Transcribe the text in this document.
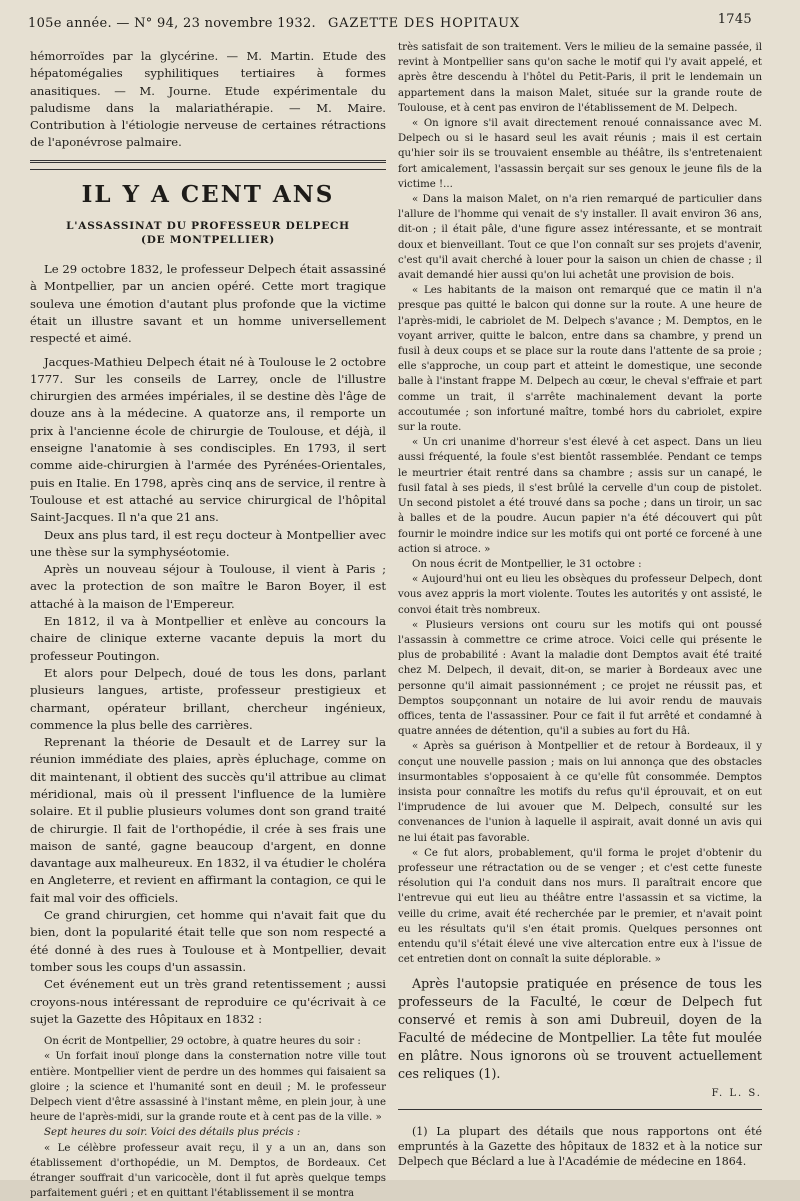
105e année. — N° 94, 23 novembre 1932. GAZETTE DES HOPITAUX	1745

hémorroïdes par la glycérine. — M. Martin. Etude des hépatomégalies syphilitiques tertiaires à formes anasitiques. — M. Journe. Etude expérimentale du paludisme dans la malariathérapie. — M. Maire. Contribution à l'étiologie nerveuse de certaines rétractions de l'aponévrose palmaire.

IL Y A CENT ANS
L'ASSASSINAT DU PROFESSEUR DELPECH
(DE MONTPELLIER)

Le 29 octobre 1832, le professeur Delpech était assassiné à Montpellier, par un ancien opéré. Cette mort tragique souleva une émotion d'autant plus profonde que la victime était un illustre savant et un homme universellement respecté et aimé.

Jacques-Mathieu Delpech était né à Toulouse le 2 octobre 1777. Sur les conseils de Larrey, oncle de l'illustre chirurgien des armées impériales, il se destine dès l'âge de douze ans à la médecine. A quatorze ans, il remporte un prix à l'ancienne école de chirurgie de Toulouse, et déjà, il enseigne l'anatomie à ses condisciples. En 1793, il sert comme aide-chirurgien à l'armée des Pyrénées-Orientales, puis en Italie. En 1798, après cinq ans de service, il rentre à Toulouse et est attaché au service chirurgical de l'hôpital Saint-Jacques. Il n'a que 21 ans.

Deux ans plus tard, il est reçu docteur à Montpellier avec une thèse sur la symphyséotomie.

Après un nouveau séjour à Toulouse, il vient à Paris ; avec la protection de son maître le Baron Boyer, il est attaché à la maison de l'Empereur.

En 1812, il va à Montpellier et enlève au concours la chaire de clinique externe vacante depuis la mort du professeur Poutingon.

Et alors pour Delpech, doué de tous les dons, parlant plusieurs langues, artiste, professeur prestigieux et charmant, opérateur brillant, chercheur ingénieux, commence la plus belle des carrières.

Reprenant la théorie de Desault et de Larrey sur la réunion immédiate des plaies, après épluchage, comme on dit maintenant, il obtient des succès qu'il attribue au climat méridional, mais où il pressent l'influence de la lumière solaire. Et il publie plusieurs volumes dont son grand traité de chirurgie. Il fait de l'orthopédie, il crée à ses frais une maison de santé, gagne beaucoup d'argent, en donne davantage aux malheureux. En 1832, il va étudier le choléra en Angleterre, et revient en affirmant la contagion, ce qui le fait mal voir des officiels.

Ce grand chirurgien, cet homme qui n'avait fait que du bien, dont la popularité était telle que son nom respecté a été donné à des rues à Toulouse et à Montpellier, devait tomber sous les coups d'un assassin.

Cet événement eut un très grand retentissement ; aussi croyons-nous intéressant de reproduire ce qu'écrivait à ce sujet la Gazette des Hôpitaux en 1832 :

On écrit de Montpellier, 29 octobre, à quatre heures du soir :

« Un forfait inouï plonge dans la consternation notre ville tout entière. Montpellier vient de perdre un des hommes qui faisaient sa gloire ; la science et l'humanité sont en deuil ; M. le professeur Delpech vient d'être assassiné à l'instant même, en plein jour, à une heure de l'après-midi, sur la grande route et à cent pas de la ville. »

Sept heures du soir. Voici des détails plus précis :

« Le célèbre professeur avait reçu, il y a un an, dans son établissement d'orthopédie, un M. Demptos, de Bordeaux. Cet étranger souffrait d'un varicocèle, dont il fut après quelque temps parfaitement guéri ; et en quittant l'établissement il se montra

très satisfait de son traitement. Vers le milieu de la semaine passée, il revint à Montpellier sans qu'on sache le motif qui l'y avait appelé, et après être descendu à l'hôtel du Petit-Paris, il prit le lendemain un appartement dans la maison Malet, située sur la grande route de Toulouse, et à cent pas environ de l'établissement de M. Delpech.

« On ignore s'il avait directement renoué connaissance avec M. Delpech ou si le hasard seul les avait réunis ; mais il est certain qu'hier soir ils se trouvaient ensemble au théâtre, ils s'entretenaient fort amicalement, l'assassin berçait sur ses genoux le jeune fils de la victime !...

« Dans la maison Malet, on n'a rien remarqué de particulier dans l'allure de l'homme qui venait de s'y installer. Il avait environ 36 ans, dit-on ; il était pâle, d'une figure assez intéressante, et se montrait doux et bienveillant. Tout ce que l'on connaît sur ses projets d'avenir, c'est qu'il avait cherché à louer pour la saison un chien de chasse ; il avait demandé hier aussi qu'on lui achetât une provision de bois.

« Les habitants de la maison ont remarqué que ce matin il n'a presque pas quitté le balcon qui donne sur la route. A une heure de l'après-midi, le cabriolet de M. Delpech s'avance ; M. Demptos, en le voyant arriver, quitte le balcon, entre dans sa chambre, y prend un fusil à deux coups et se place sur la route dans l'attente de sa proie ; elle s'approche, un coup part et atteint le domestique, une seconde balle à l'instant frappe M. Delpech au cœur, le cheval s'effraie et part comme un trait, il s'arrête machinalement devant la porte accoutumée ; son infortuné maître, tombé hors du cabriolet, expire sur la route.

« Un cri unanime d'horreur s'est élevé à cet aspect. Dans un lieu aussi fréquenté, la foule s'est bientôt rassemblée. Pendant ce temps le meurtrier était rentré dans sa chambre ; assis sur un canapé, le fusil fatal à ses pieds, il s'est brûlé la cervelle d'un coup de pistolet. Un second pistolet a été trouvé dans sa poche ; dans un tiroir, un sac à balles et de la poudre. Aucun papier n'a été découvert qui pût fournir le moindre indice sur les motifs qui ont porté ce forcené à une action si atroce. »

On nous écrit de Montpellier, le 31 octobre :

« Aujourd'hui ont eu lieu les obsèques du professeur Delpech, dont vous avez appris la mort violente. Toutes les autorités y ont assisté, le convoi était très nombreux.

« Plusieurs versions ont couru sur les motifs qui ont poussé l'assassin à commettre ce crime atroce. Voici celle qui présente le plus de probabilité : Avant la maladie dont Demptos avait été traité chez M. Delpech, il devait, dit-on, se marier à Bordeaux avec une personne qu'il aimait passionnément ; ce projet ne réussit pas, et Demptos soupçonnant un notaire de lui avoir rendu de mauvais offices, tenta de l'assassiner. Pour ce fait il fut arrêté et condamné à quatre années de détention, qu'il a subies au fort du Hâ.

« Après sa guérison à Montpellier et de retour à Bordeaux, il y conçut une nouvelle passion ; mais on lui annonça que des obstacles insurmontables s'opposaient à ce qu'elle fût consommée. Demptos insista pour connaître les motifs du refus qu'il éprouvait, et on eut l'imprudence de lui avouer que M. Delpech, consulté sur les convenances de l'union à laquelle il aspirait, avait donné un avis qui ne lui était pas favorable.

« Ce fut alors, probablement, qu'il forma le projet d'obtenir du professeur une rétractation ou de se venger ; et c'est cette funeste résolution qui l'a conduit dans nos murs. Il paraîtrait encore que l'entrevue qui eut lieu au théâtre entre l'assassin et sa victime, la veille du crime, avait été recherchée par le premier, et n'avait point eu les résultats qu'il s'en était promis. Quelques personnes ont entendu qu'il s'était élevé une vive altercation entre eux à l'issue de cet entretien dont on connaît la suite déplorable. »

Après l'autopsie pratiquée en présence de tous les professeurs de la Faculté, le cœur de Delpech fut conservé et remis à son ami Dubreuil, doyen de la Faculté de médecine de Montpellier. La tête fut moulée en plâtre. Nous ignorons où se trouvent actuellement ces reliques (1).

F. L. S.

(1) La plupart des détails que nous rapportons ont été empruntés à la Gazette des hôpitaux de 1832 et à la notice sur Delpech que Béclard a lue à l'Académie de médecine en 1864.
